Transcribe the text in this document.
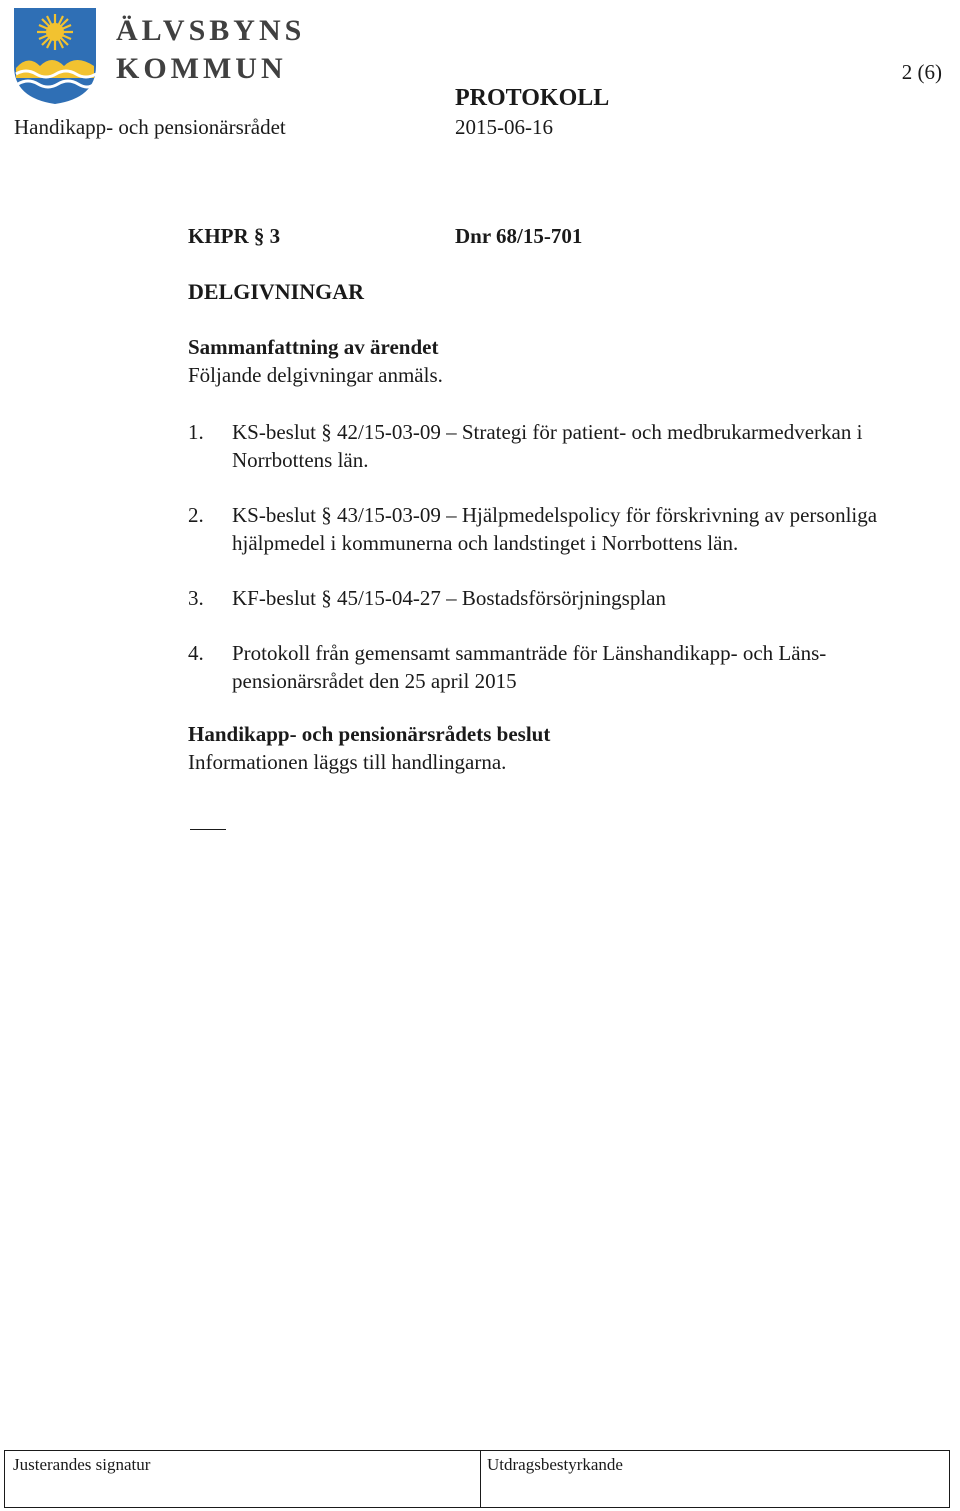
ÄLVSBYNS
KOMMUN	2 (6)
PROTOKOLL
Handikapp- och pensionärsrådet	2015-06-16
KHPR § 3	Dnr 68/15-701
DELGIVNINGAR
Sammanfattning av ärendet
Följande delgivningar anmäls.
1.	KS-beslut § 42/15-03-09 – Strategi för patient- och medbrukarmedverkan i Norrbottens län.
2.	KS-beslut § 43/15-03-09 – Hjälpmedelspolicy för förskrivning av personliga hjälpmedel i kommunerna och landstinget i Norrbottens län.
3.	KF-beslut § 45/15-04-27 – Bostadsförsörjningsplan
4.	Protokoll från gemensamt sammanträde för Länshandikapp- och Läns-pensionärsrådet den 25 april 2015
Handikapp- och pensionärsrådets beslut
Informationen läggs till handlingarna.
Justerandes signatur	Utdragsbestyrkande
